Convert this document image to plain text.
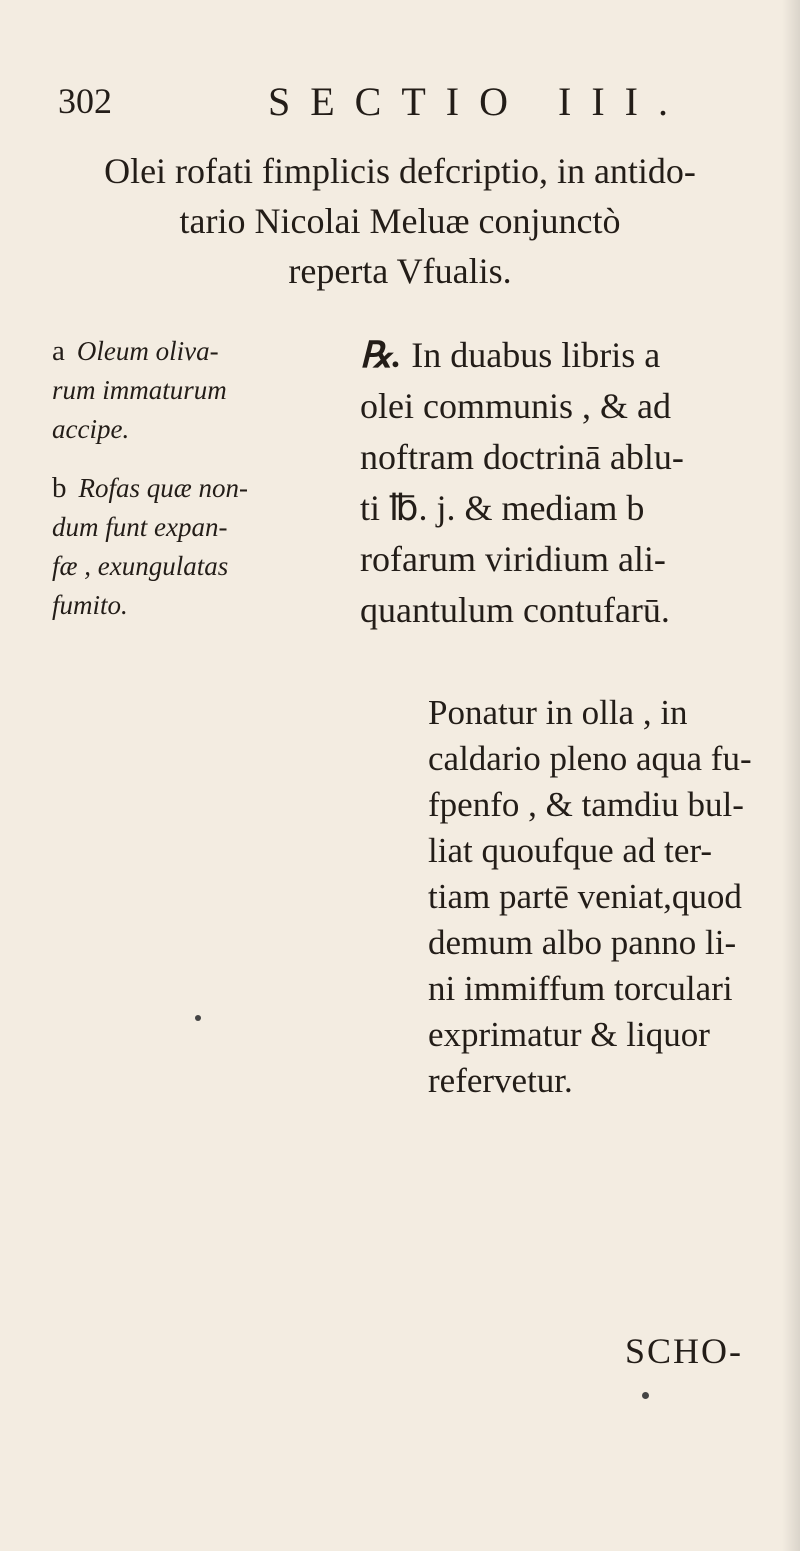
302	SECTIO III.
Olei rofati fimplicis defcriptio, in antido-
tario Nicolai Meluæ conjunctò
reperta Vfualis.
a Oleum oliva-
rum immaturum
accipe.
b Rofas quæ non-
dum funt expan-
fæ , exungulatas
fumito.
℞. In duabus libris a
olei communis , & ad
noftram doctrinā ablu-
ti ℔. j. & mediam b
rofarum viridium ali-
quantulum contufarū.
Ponatur in olla , in
caldario pleno aqua fu-
fpenfo , & tamdiu bul-
liat quoufque ad ter-
tiam partē veniat,quod
demum albo panno li-
ni immiffum torculari
exprimatur & liquor
refervetur.
SCHO-
